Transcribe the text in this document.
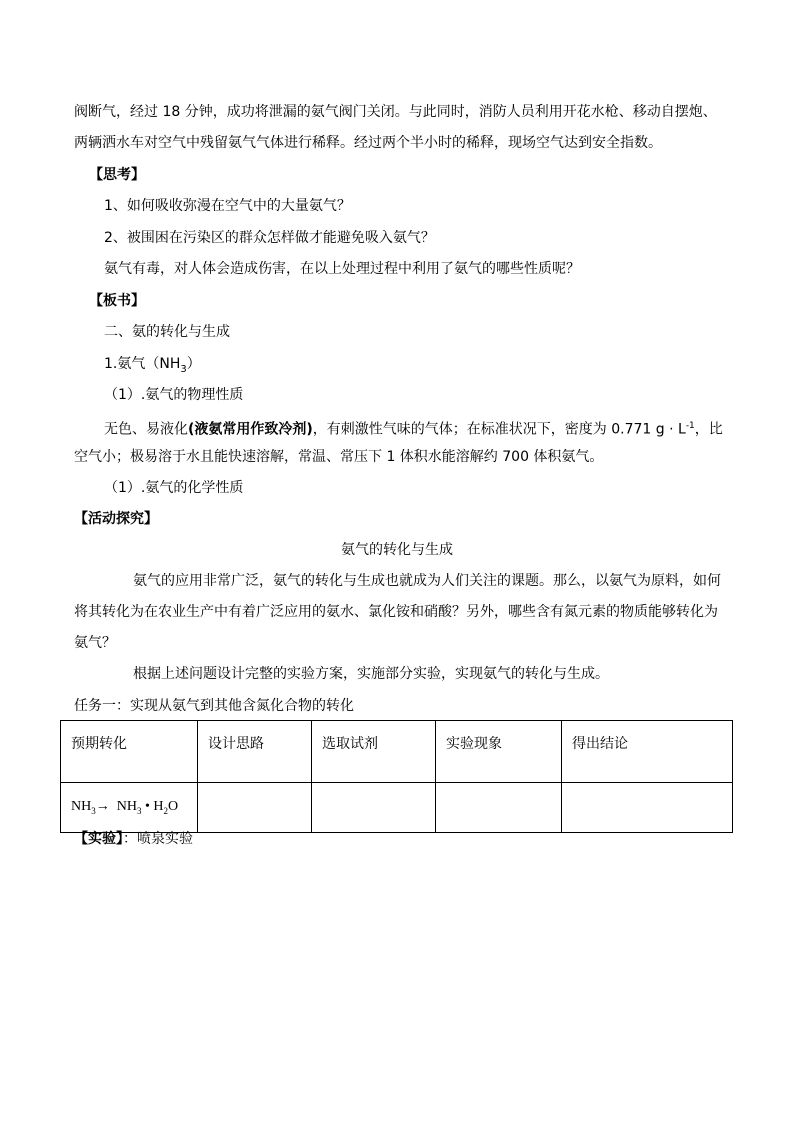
阀断气，经过 18 分钟，成功将泄漏的氨气阀门关闭。与此同时，消防人员利用开花水枪、移动自摆炮、
两辆洒水车对空气中残留氨气气体进行稀释。经过两个半小时的稀释，现场空气达到安全指数。
【思考】
1、如何吸收弥漫在空气中的大量氨气？
2、被围困在污染区的群众怎样做才能避免吸入氨气？
氨气有毒，对人体会造成伤害，在以上处理过程中利用了氨气的哪些性质呢？
【板书】
二、氨的转化与生成
1.氨气$(NH_3)$
（1）.氨气的物理性质
无色、易液化(液氨常用作致冷剂)，有刺激性气味的气体；在标准状况下，密度为 0.771 $g \cdot L^{-1}$，比
空气小；极易溶于水且能快速溶解，常温、常压下 1 体积水能溶解约 700 体积氨气。
（1）.氨气的化学性质
【活动探究】
氨气的转化与生成
氨气的应用非常广泛，氨气的转化与生成也就成为人们关注的课题。那么，以氨气为原料，如何
将其转化为在农业生产中有着广泛应用的氨水、氯化铵和硝酸？另外，哪些含有氮元素的物质能够转化为
氨气？
根据上述问题设计完整的实验方案，实施部分实验，实现氨气的转化与生成。
任务一：实现从氨气到其他含氮化合物的转化
预期转化	设计思路	选取试剂	实验现象	得出结论
$NH_3\to NH_3$ • $H_2O$				
【实验】：喷泉实验
